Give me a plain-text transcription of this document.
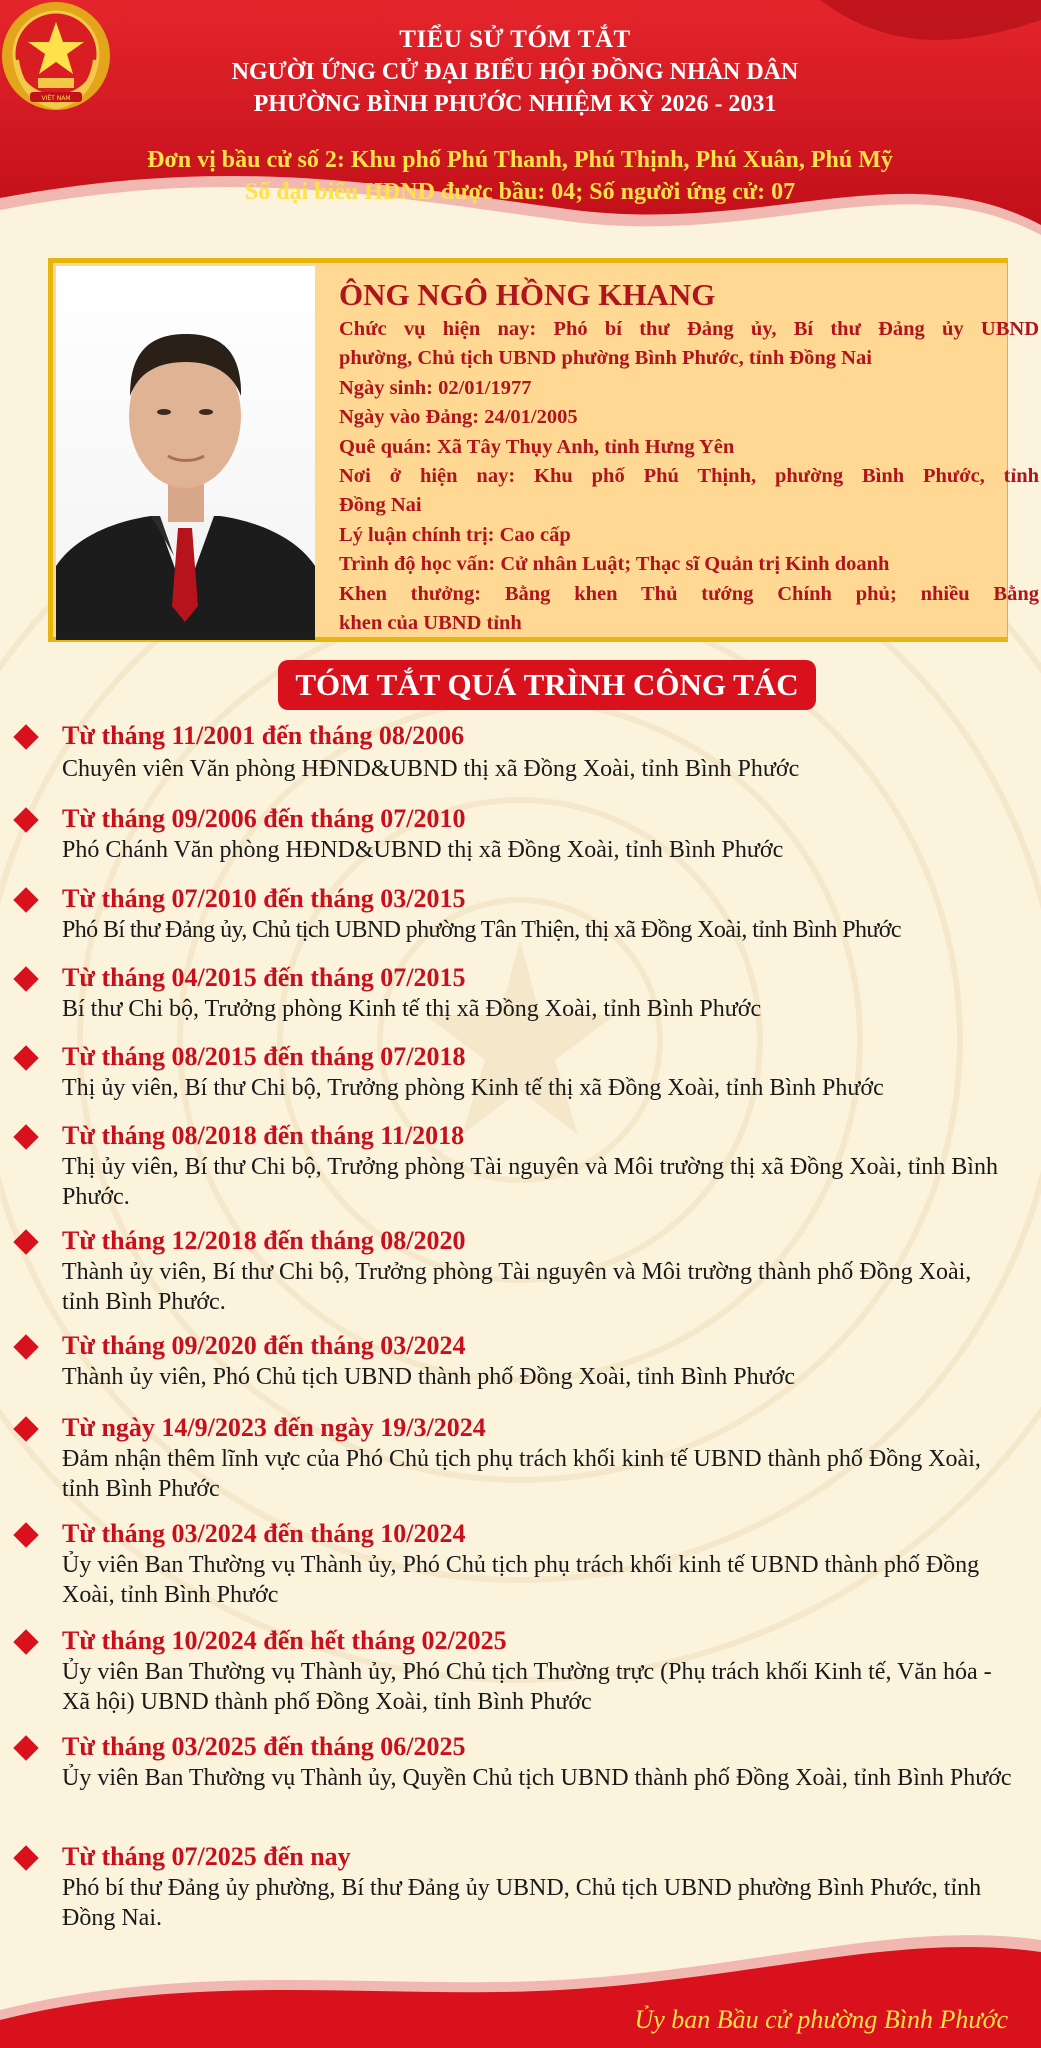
VIỆT NAM
TIỂU SỬ TÓM TẮT
NGƯỜI ỨNG CỬ ĐẠI BIỂU HỘI ĐỒNG NHÂN DÂN
PHƯỜNG BÌNH PHƯỚC NHIỆM KỲ 2026 - 2031
Đơn vị bầu cử số 2: Khu phố Phú Thanh, Phú Thịnh, Phú Xuân, Phú Mỹ
Số đại biểu HĐND được bầu: 04; Số người ứng cử: 07
ÔNG NGÔ HỒNG KHANG
Chức vụ hiện nay: Phó bí thư Đảng ủy, Bí thư Đảng ủy UBND
phường, Chủ tịch UBND phường Bình Phước, tỉnh Đồng Nai
Ngày sinh: 02/01/1977
Ngày vào Đảng: 24/01/2005
Quê quán: Xã Tây Thụy Anh, tỉnh Hưng Yên
Nơi ở hiện nay: Khu phố Phú Thịnh, phường Bình Phước, tỉnh
Đồng Nai
Lý luận chính trị: Cao cấp
Trình độ học vấn: Cử nhân Luật; Thạc sĩ Quản trị Kinh doanh
Khen thưởng: Bằng khen Thủ tướng Chính phủ; nhiều Bằng
khen của UBND tỉnh
TÓM TẮT QUÁ TRÌNH CÔNG TÁC
Từ tháng 11/2001 đến tháng 08/2006
Chuyên viên Văn phòng HĐND&UBND thị xã Đồng Xoài, tỉnh Bình Phước
Từ tháng 09/2006 đến tháng 07/2010
Phó Chánh Văn phòng HĐND&UBND thị xã Đồng Xoài, tỉnh Bình Phước
Từ tháng 07/2010 đến tháng 03/2015
Phó Bí thư Đảng ủy, Chủ tịch UBND phường Tân Thiện, thị xã Đồng Xoài, tỉnh Bình Phước
Từ tháng 04/2015 đến tháng 07/2015
Bí thư Chi bộ, Trưởng phòng Kinh tế thị xã Đồng Xoài, tỉnh Bình Phước
Từ tháng 08/2015 đến tháng 07/2018
Thị ủy viên, Bí thư Chi bộ, Trưởng phòng Kinh tế thị xã Đồng Xoài, tỉnh Bình Phước
Từ tháng 08/2018 đến tháng 11/2018
Thị ủy viên, Bí thư Chi bộ, Trưởng phòng Tài nguyên và Môi trường thị xã Đồng Xoài, tỉnh Bình Phước.
Từ tháng 12/2018 đến tháng 08/2020
Thành ủy viên, Bí thư Chi bộ, Trưởng phòng Tài nguyên và Môi trường thành phố Đồng Xoài, tỉnh Bình Phước.
Từ tháng 09/2020 đến tháng 03/2024
Thành ủy viên, Phó Chủ tịch UBND thành phố Đồng Xoài, tỉnh Bình Phước
Từ ngày 14/9/2023 đến ngày 19/3/2024
Đảm nhận thêm lĩnh vực của Phó Chủ tịch phụ trách khối kinh tế UBND thành phố Đồng Xoài, tỉnh Bình Phước
Từ tháng 03/2024 đến tháng 10/2024
Ủy viên Ban Thường vụ Thành ủy, Phó Chủ tịch phụ trách khối kinh tế UBND thành phố Đồng Xoài, tỉnh Bình Phước
Từ tháng 10/2024 đến hết tháng 02/2025
Ủy viên Ban Thường vụ Thành ủy, Phó Chủ tịch Thường trực (Phụ trách khối Kinh tế, Văn hóa - Xã hội) UBND thành phố Đồng Xoài, tỉnh Bình Phước
Từ tháng 03/2025 đến tháng 06/2025
Ủy viên Ban Thường vụ Thành ủy, Quyền Chủ tịch UBND thành phố Đồng Xoài, tỉnh Bình Phước
Từ tháng 07/2025 đến nay
Phó bí thư Đảng ủy phường, Bí thư Đảng ủy UBND, Chủ tịch UBND phường Bình Phước, tỉnh Đồng Nai.
Ủy ban Bầu cử phường Bình Phước
